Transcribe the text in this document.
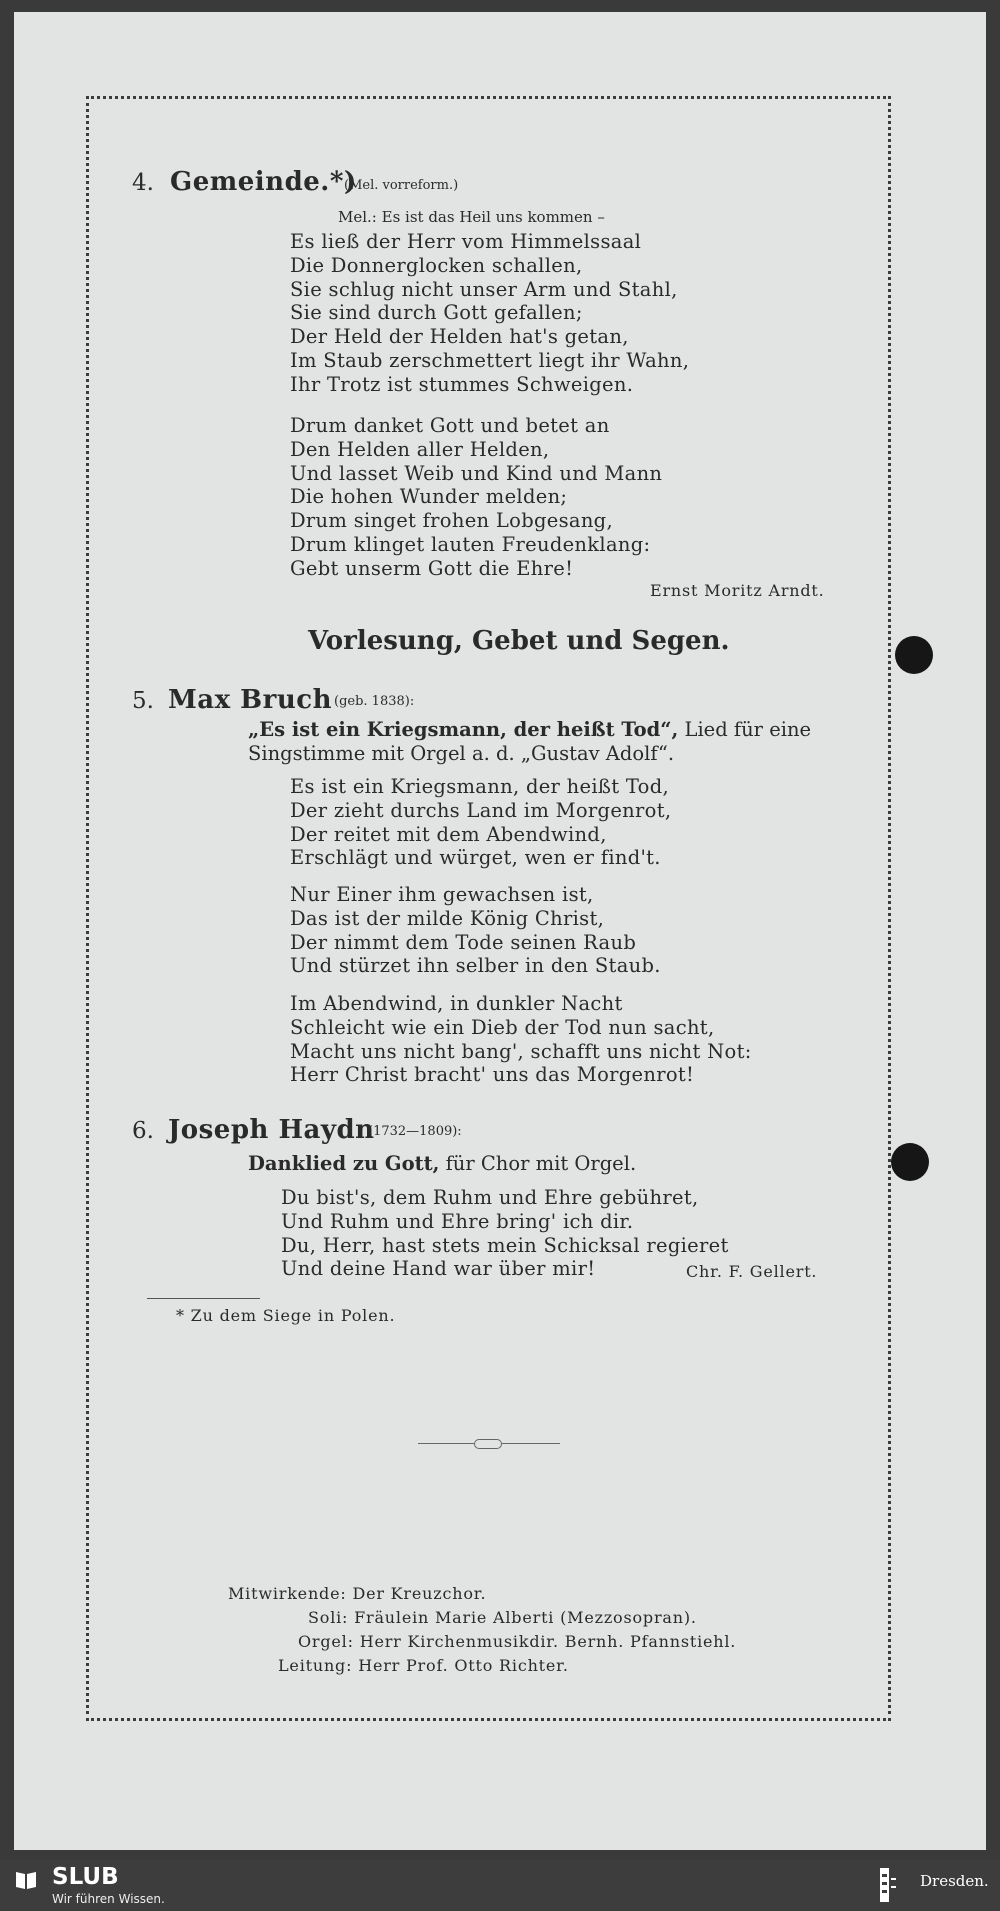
4. Gemeinde.*)
(Mel. vorreform.)
Mel.: Es ist das Heil uns kommen –
Es ließ der Herr vom Himmelssaal
Die Donnerglocken schallen,
Sie schlug nicht unser Arm und Stahl,
Sie sind durch Gott gefallen;
Der Held der Helden hat's getan,
Im Staub zerschmettert liegt ihr Wahn,
Ihr Trotz ist stummes Schweigen.
Drum danket Gott und betet an
Den Helden aller Helden,
Und lasset Weib und Kind und Mann
Die hohen Wunder melden;
Drum singet frohen Lobgesang,
Drum klinget lauten Freudenklang:
Gebt unserm Gott die Ehre!
Ernst Moritz Arndt.
Vorlesung, Gebet und Segen.
5. Max Bruch (geb. 1838):
„Es ist ein Kriegsmann, der heißt Tod“, Lied für eine
Singstimme mit Orgel a. d. „Gustav Adolf“.
Es ist ein Kriegsmann, der heißt Tod,
Der zieht durchs Land im Morgenrot,
Der reitet mit dem Abendwind,
Erschlägt und würget, wen er find't.
Nur Einer ihm gewachsen ist,
Das ist der milde König Christ,
Der nimmt dem Tode seinen Raub
Und stürzet ihn selber in den Staub.
Im Abendwind, in dunkler Nacht
Schleicht wie ein Dieb der Tod nun sacht,
Macht uns nicht bang', schafft uns nicht Not:
Herr Christ bracht' uns das Morgenrot!
6. Joseph Haydn
(1732—1809):
Danklied zu Gott, für Chor mit Orgel.
Du bist's, dem Ruhm und Ehre gebühret,
Und Ruhm und Ehre bring' ich dir.
Du, Herr, hast stets mein Schicksal regieret
Und deine Hand war über mir!	Chr. F. Gellert.
* Zu dem Siege in Polen.
Mitwirkende: Der Kreuzchor.
Soli: Fräulein Marie Alberti (Mezzosopran).
Orgel: Herr Kirchenmusikdir. Bernh. Pfannstiehl.
Leitung: Herr Prof. Otto Richter.
SLUB
Wir führen Wissen.
Dresden.
